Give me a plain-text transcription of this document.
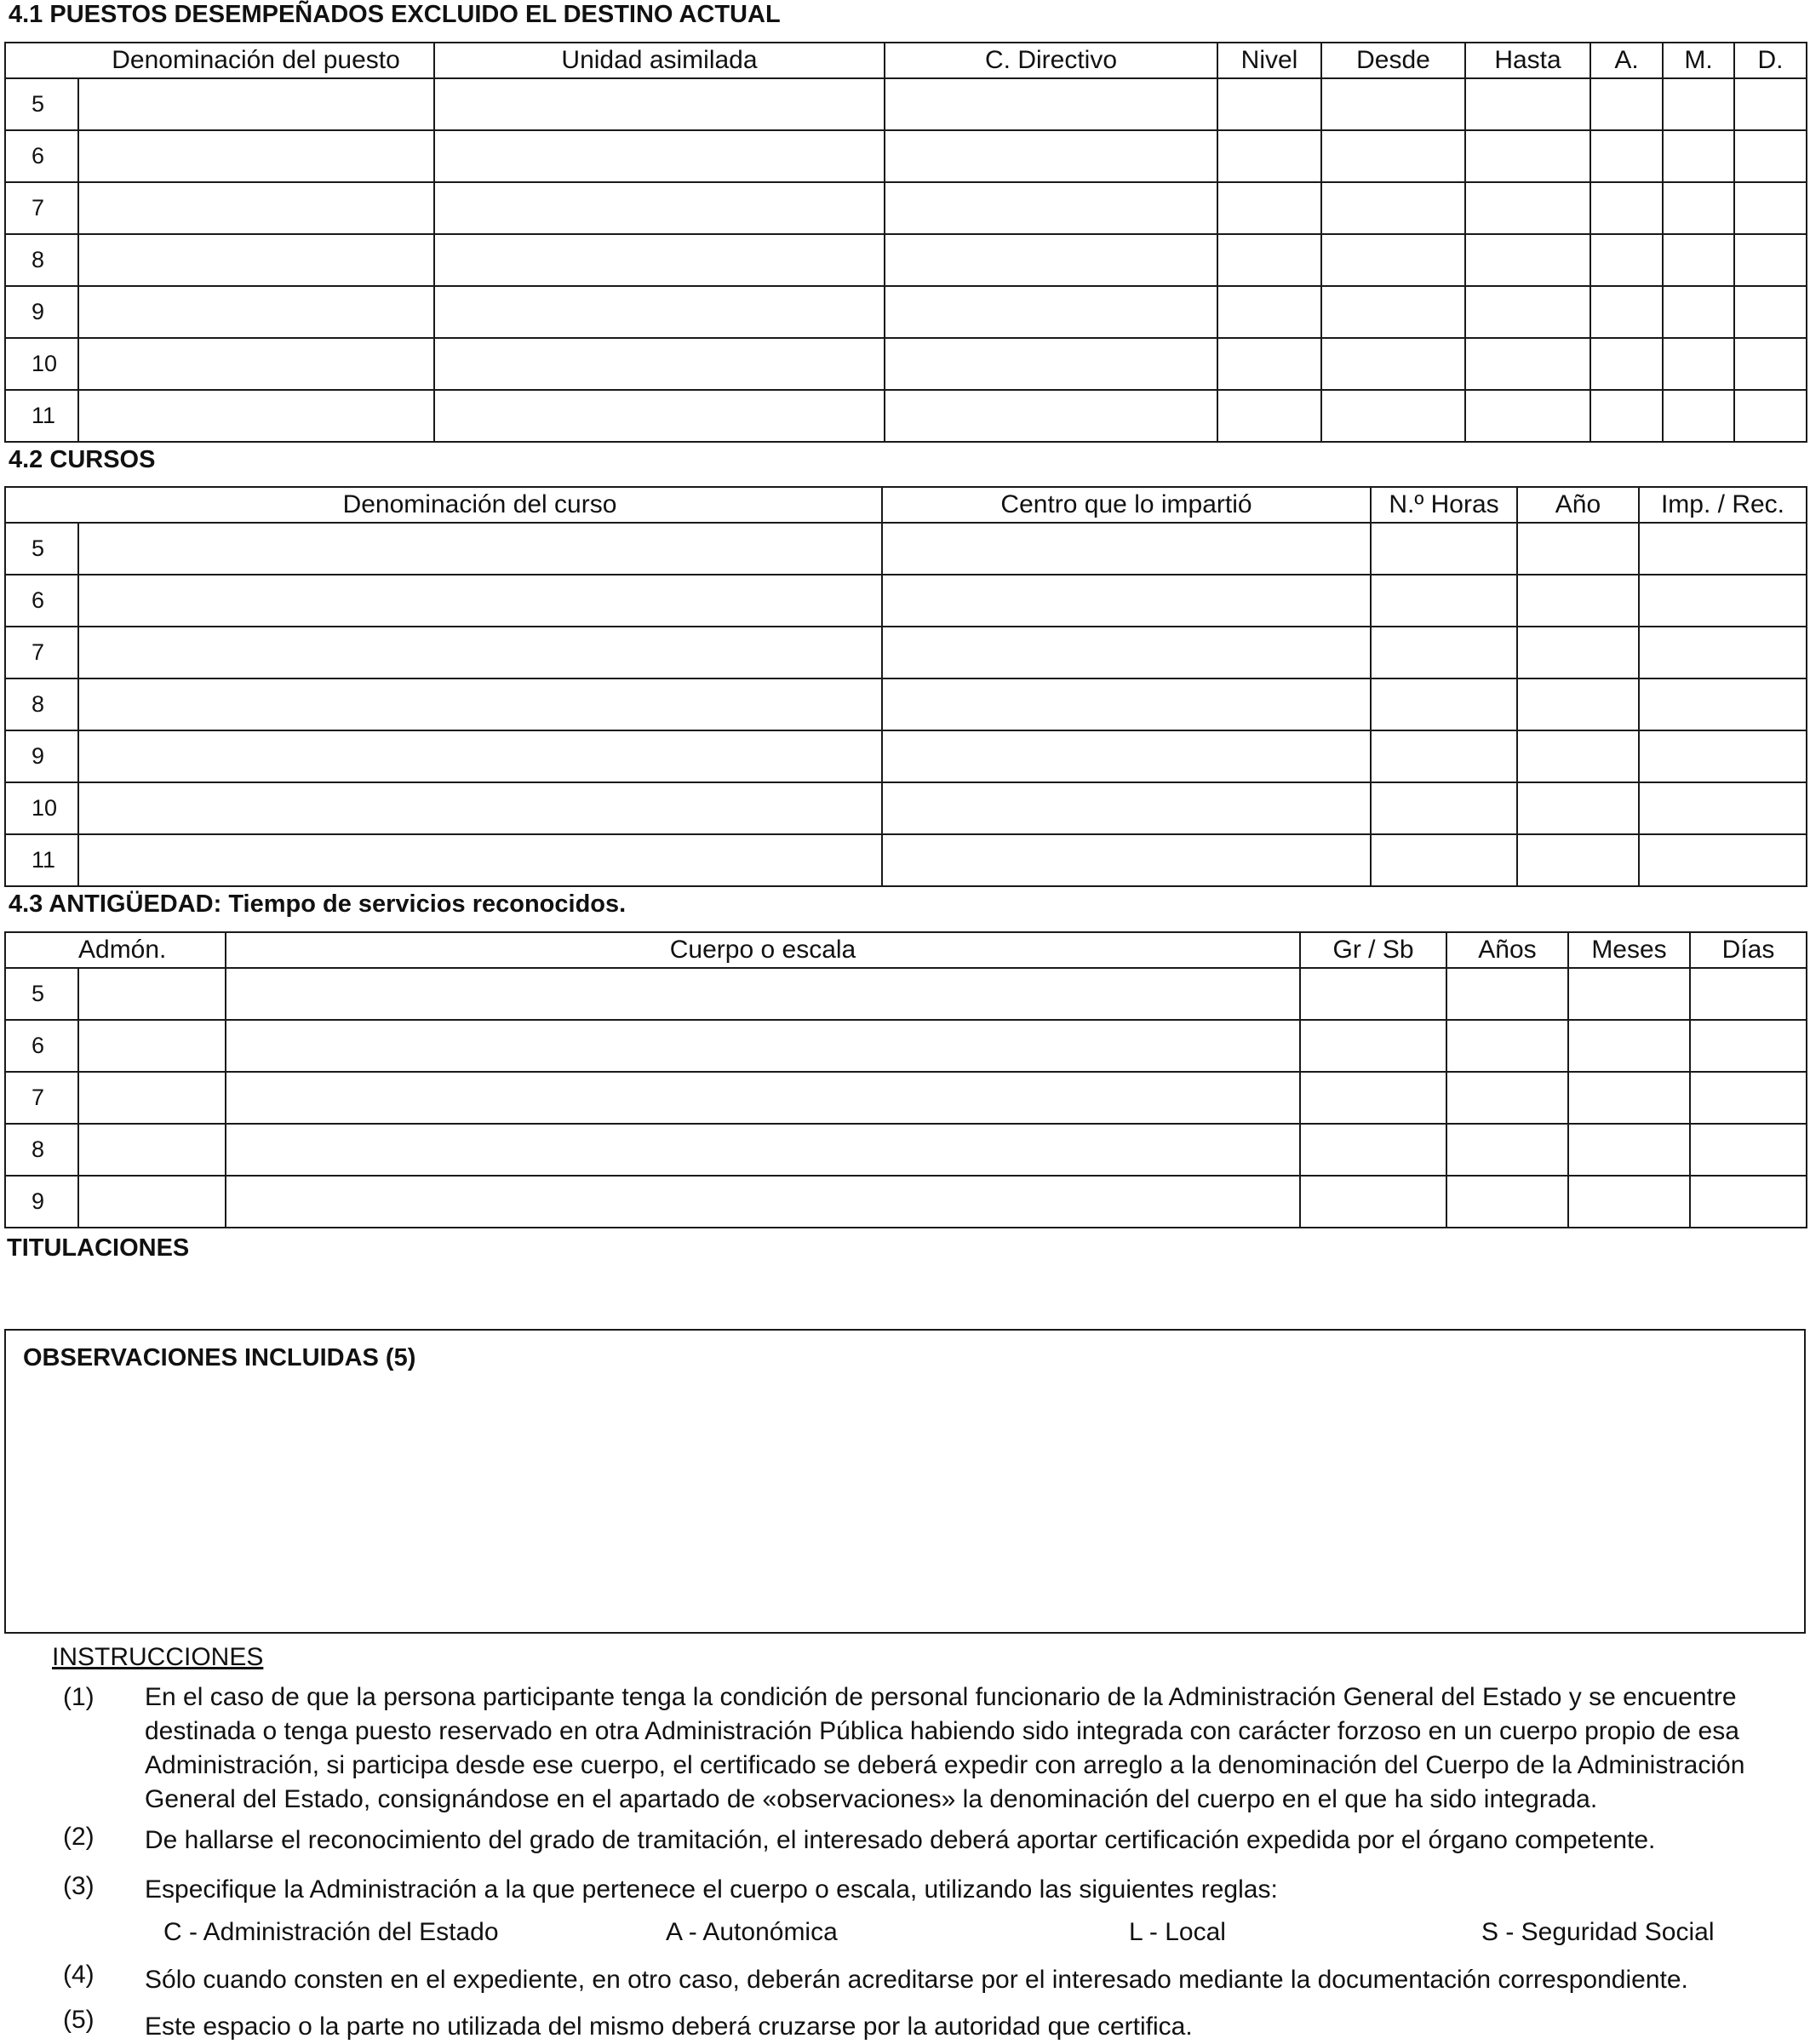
4.1 PUESTOS DESEMPEÑADOS EXCLUIDO EL DESTINO ACTUAL
	Denominación del puesto	Unidad asimilada	C. Directivo	Nivel	Desde	Hasta	A.	M.	D.
5									
6									
7									
8									
9									
10									
11									
4.2 CURSOS
	Denominación del curso	Centro que lo impartió	N.º Horas	Año	Imp. / Rec.
5					
6					
7					
8					
9					
10					
11					
4.3 ANTIGÜEDAD: Tiempo de servicios reconocidos.
	Admón.	Cuerpo o escala	Gr / Sb	Años	Meses	Días
5						
6						
7						
8						
9						
TITULACIONES
OBSERVACIONES INCLUIDAS (5)
INSTRUCCIONES
(1) En el caso de que la persona participante tenga la condición de personal funcionario de la Administración General del Estado y se encuentre destinada o tenga puesto reservado en otra Administración Pública habiendo sido integrada con carácter forzoso en un cuerpo propio de esa Administración, si participa desde ese cuerpo, el certificado se deberá expedir con arreglo a la denominación del Cuerpo de la Administración General del Estado, consignándose en el apartado de «observaciones» la denominación del cuerpo en el que ha sido integrada.
(2) De hallarse el reconocimiento del grado de tramitación, el interesado deberá aportar certificación expedida por el órgano competente.
(3) Especifique la Administración a la que pertenece el cuerpo o escala, utilizando las siguientes reglas:
C - Administración del Estado	A - Autonómica	L - Local	S - Seguridad Social
(4) Sólo cuando consten en el expediente, en otro caso, deberán acreditarse por el interesado mediante la documentación correspondiente.
(5) Este espacio o la parte no utilizada del mismo deberá cruzarse por la autoridad que certifica.
